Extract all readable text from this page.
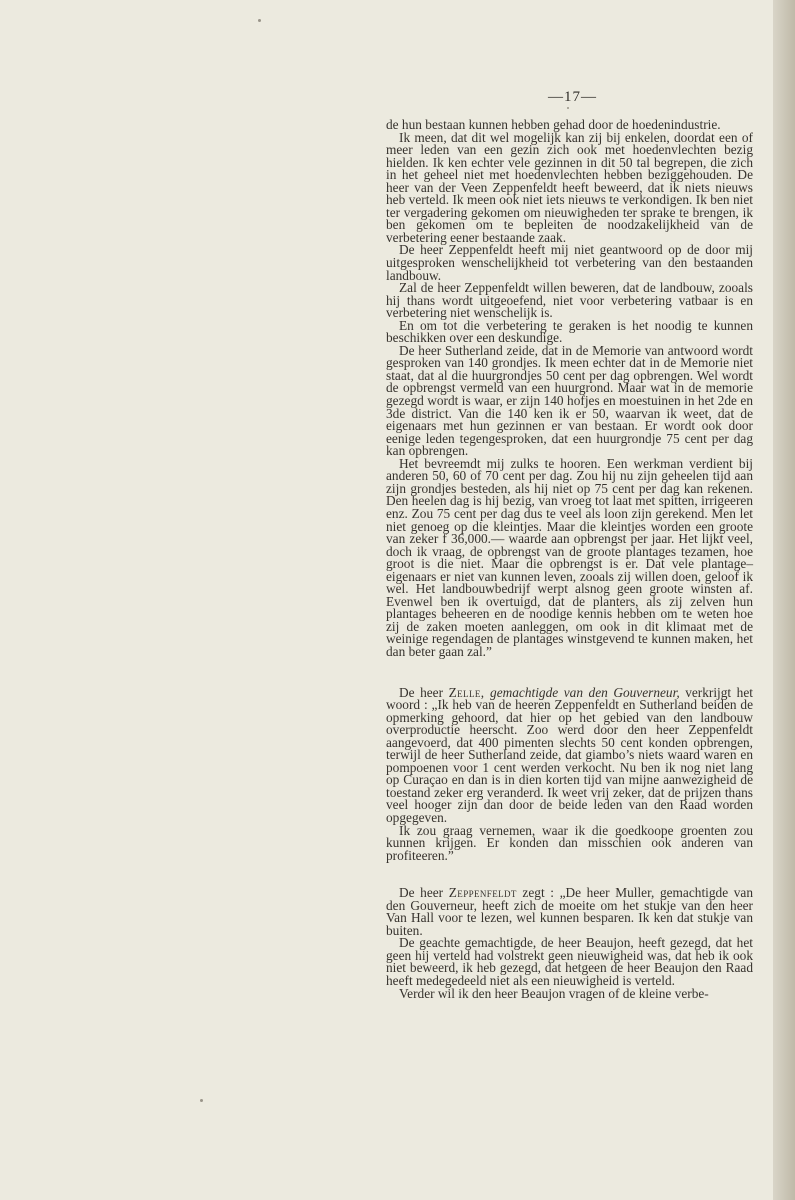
—17—

de hun bestaan kunnen hebben gehad door de hoedenindustrie.

Ik meen, dat dit wel mogelijk kan zij bij enkelen, doordat een of meer leden van een gezin zich ook met hoedenvlechten bezig hielden. Ik ken echter vele gezinnen in dit 50 tal begrepen, die zich in het geheel niet met hoedenvlechten hebben beziggehouden. De heer van der Veen Zeppenfeldt heeft beweerd, dat ik niets nieuws heb verteld. Ik meen ook niet iets nieuws te verkondigen. Ik ben niet ter vergadering gekomen om nieuwigheden ter sprake te brengen, ik ben gekomen om te bepleiten de noodzakelijkheid van de verbetering eener bestaande zaak.

De heer Zeppenfeldt heeft mij niet geantwoord op de door mij uitgesproken wenschelijkheid tot verbetering van den bestaanden landbouw.

Zal de heer Zeppenfeldt willen beweren, dat de landbouw, zooals hij thans wordt uitgeoefend, niet voor verbetering vatbaar is en verbetering niet wenschelijk is.

En om tot die verbetering te geraken is het noodig te kunnen beschikken over een deskundige.

De heer Sutherland zeide, dat in de Memorie van antwoord wordt gesproken van 140 grondjes. Ik meen echter dat in de Memorie niet staat, dat al die huurgrondjes 50 cent per dag opbrengen. Wel wordt de opbrengst vermeld van een huurgrond. Maar wat in de memorie gezegd wordt is waar, er zijn 140 hofjes en moestuinen in het 2de en 3de district. Van die 140 ken ik er 50, waarvan ik weet, dat de eigenaars met hun gezinnen er van bestaan. Er wordt ook door eenige leden tegengesproken, dat een huurgrondje 75 cent per dag kan opbrengen.

Het bevreemdt mij zulks te hooren. Een werkman verdient bij anderen 50, 60 of 70 cent per dag. Zou hij nu zijn geheelen tijd aan zijn grondjes besteden, als hij niet op 75 cent per dag kan rekenen. Den heelen dag is hij bezig, van vroeg tot laat met spitten, irrigeeren enz. Zou 75 cent per dag dus te veel als loon zijn gerekend. Men let niet genoeg op die kleintjes. Maar die kleintjes worden een groote van zeker f 36,000.— waarde aan opbrengst per jaar. Het lijkt veel, doch ik vraag, de opbrengst van de groote plantages tezamen, hoe groot is die niet. Maar die opbrengst is er. Dat vele plantage–eigenaars er niet van kunnen leven, zooals zij willen doen, geloof ik wel. Het landbouwbedrijf werpt alsnog geen groote winsten af. Evenwel ben ik overtuigd, dat de planters, als zij zelven hun plantages beheeren en de noodige kennis hebben om te weten hoe zij de zaken moeten aanleggen, om ook in dit klimaat met de weinige regendagen de plantages winstgevend te kunnen maken, het dan beter gaan zal.”

De heer Zelle, gemachtigde van den Gouverneur, verkrijgt het woord : „Ik heb van de heeren Zeppenfeldt en Sutherland beiden de opmerking gehoord, dat hier op het gebied van den landbouw overproductie heerscht. Zoo werd door den heer Zeppenfeldt aangevoerd, dat 400 pimenten slechts 50 cent konden opbrengen, terwijl de heer Sutherland zeide, dat giambo’s niets waard waren en pompoenen voor 1 cent werden verkocht. Nu ben ik nog niet lang op Curaçao en dan is in dien korten tijd van mijne aanwezigheid de toestand zeker erg veranderd. Ik weet vrij zeker, dat de prijzen thans veel hooger zijn dan door de beide leden van den Raad worden opgegeven.

Ik zou graag vernemen, waar ik die goedkoope groenten zou kunnen krijgen. Er konden dan misschien ook anderen van profiteeren.”

De heer Zeppenfeldt zegt : „De heer Muller, gemachtigde van den Gouverneur, heeft zich de moeite om het stukje van den heer Van Hall voor te lezen, wel kunnen besparen. Ik ken dat stukje van buiten.

De geachte gemachtigde, de heer Beaujon, heeft gezegd, dat het geen hij verteld had volstrekt geen nieuwigheid was, dat heb ik ook niet beweerd, ik heb gezegd, dat hetgeen de heer Beaujon den Raad heeft medegedeeld niet als een nieuwigheid is verteld.

Verder wil ik den heer Beaujon vragen of de kleine verbe-
